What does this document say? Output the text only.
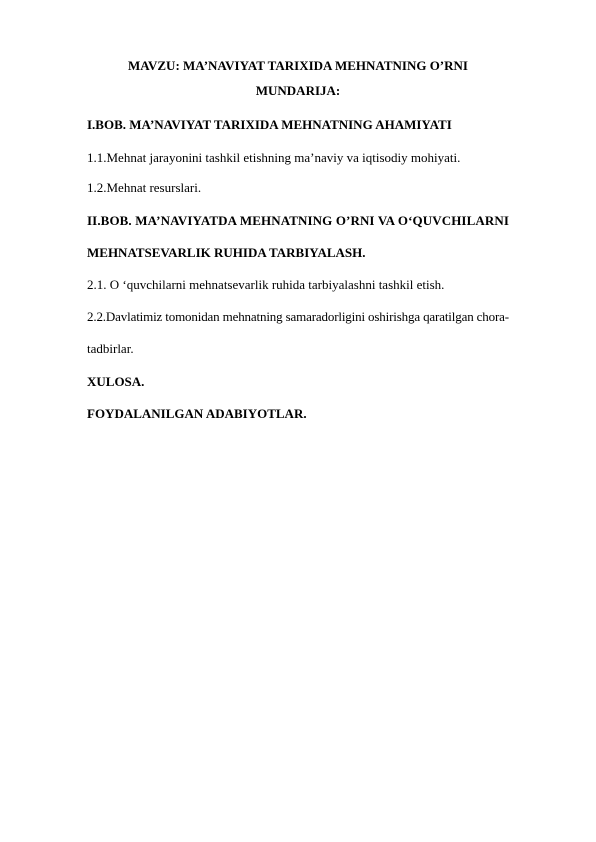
MAVZU: MA’NAVIYAT TARIXIDA MEHNATNING O’RNI
MUNDARIJA:
I.BOB. MA’NAVIYAT TARIXIDA MEHNATNING AHAMIYATI
1.1.Mehnat jarayonini tashkil etishning ma’naviy va iqtisodiy mohiyati.
1.2.Mehnat resurslari.
II.BOB. MA’NAVIYATDA MEHNATNING O’RNI VA O‘QUVCHILARNI
MEHNATSEVARLIK RUHIDA TARBIYALASH.
2.1. O ‘quvchilarni mehnatsevarlik ruhida tarbiyalashni tashkil etish.
2.2.Davlatimiz tomonidan mehnatning samaradorligini oshirishga qaratilgan chora-
tadbirlar.
XULOSA.
FOYDALANILGAN ADABIYOTLAR.
